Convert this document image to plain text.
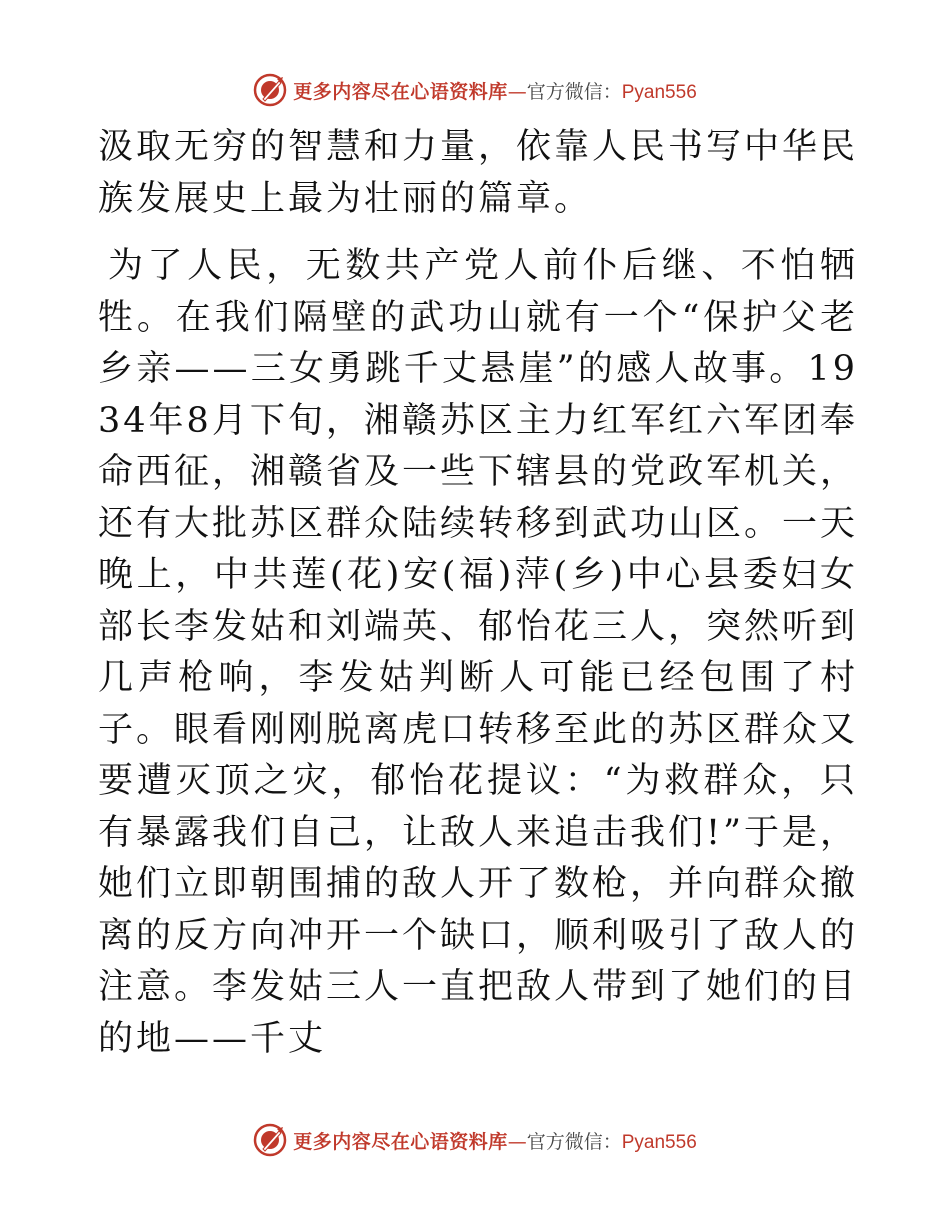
更多内容尽在心语资料库 — 官方微信： Pyan556

汲取无穷的智慧和力量，依靠人民书写中华民族发展史上最为壮丽的篇章。

为了人民，无数共产党人前仆后继、不怕牺牲。在我们隔壁的武功山就有一个“保护父老乡亲——三女勇跳千丈悬崖”的感人故事。1934年8月下旬，湘赣苏区主力红军红六军团奉命西征，湘赣省及一些下辖县的党政军机关，还有大批苏区群众陆续转移到武功山区。一天晚上，中共莲(花)安(福)萍(乡)中心县委妇女部长李发姑和刘端英、郁怡花三人，突然听到几声枪响，李发姑判断人可能已经包围了村子。眼看刚刚脱离虎口转移至此的苏区群众又要遭灭顶之灾，郁怡花提议：“为救群众，只有暴露我们自己，让敌人来追击我们!”于是，她们立即朝围捕的敌人开了数枪，并向群众撤离的反方向冲开一个缺口，顺利吸引了敌人的注意。李发姑三人一直把敌人带到了她们的目的地——千丈

更多内容尽在心语资料库 — 官方微信： Pyan556
